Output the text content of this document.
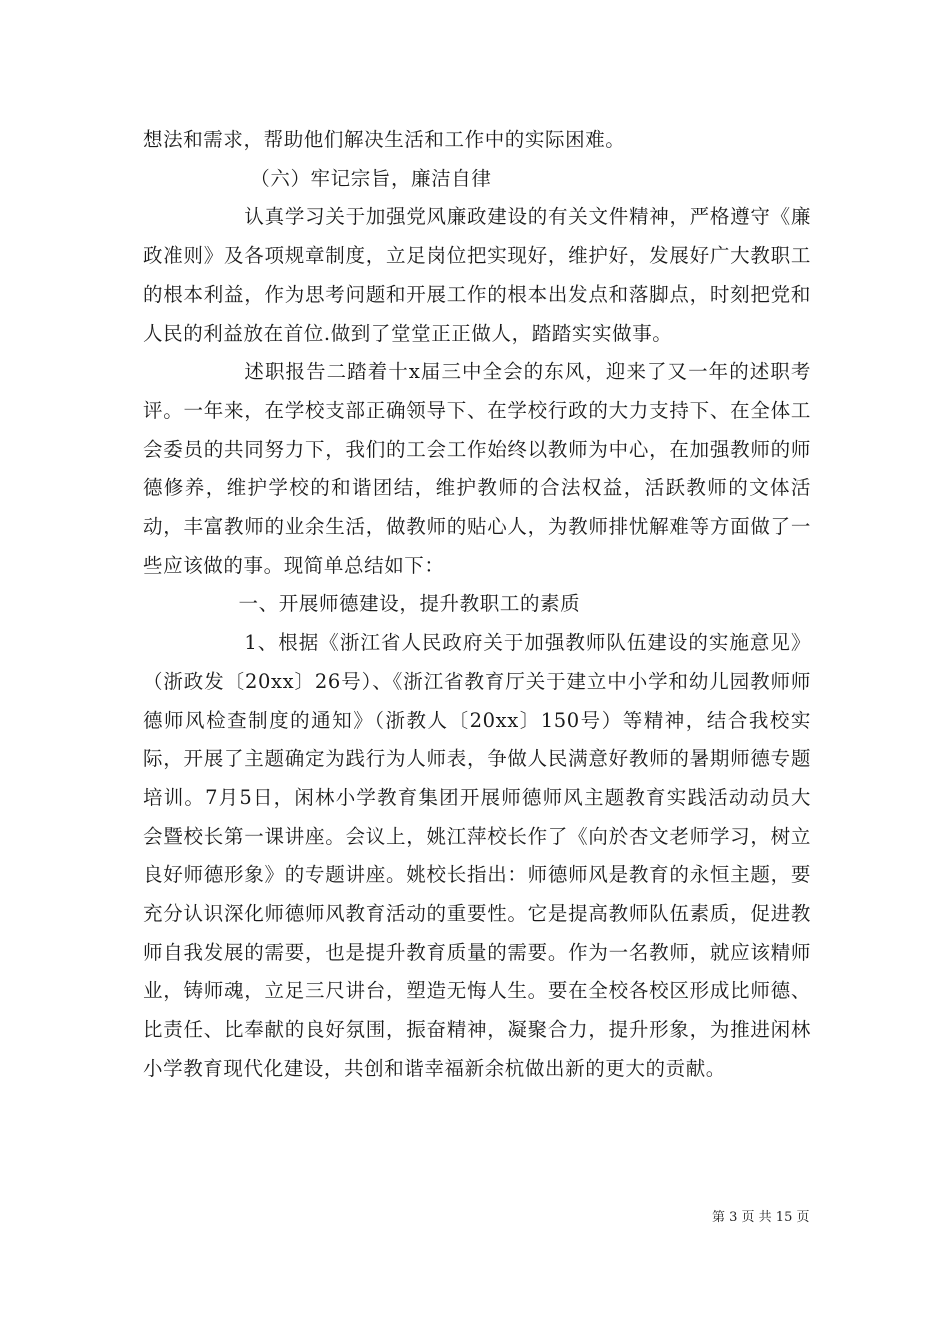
想法和需求，帮助他们解决生活和工作中的实际困难。

（六）牢记宗旨，廉洁自律

认真学习关于加强党风廉政建设的有关文件精神，严格遵守《廉政准则》及各项规章制度，立足岗位把实现好，维护好，发展好广大教职工的根本利益，作为思考问题和开展工作的根本出发点和落脚点，时刻把党和人民的利益放在首位.做到了堂堂正正做人，踏踏实实做事。

述职报告二踏着十x届三中全会的东风，迎来了又一年的述职考评。一年来，在学校支部正确领导下、在学校行政的大力支持下、在全体工会委员的共同努力下，我们的工会工作始终以教师为中心，在加强教师的师德修养，维护学校的和谐团结，维护教师的合法权益，活跃教师的文体活动，丰富教师的业余生活，做教师的贴心人，为教师排忧解难等方面做了一些应该做的事。现简单总结如下：

一、开展师德建设，提升教职工的素质

1、根据《浙江省人民政府关于加强教师队伍建设的实施意见》（浙政发〔20xx〕26号）、《浙江省教育厅关于建立中小学和幼儿园教师师德师风检查制度的通知》（浙教人〔20xx〕150号）等精神，结合我校实际，开展了主题确定为践行为人师表，争做人民满意好教师的暑期师德专题培训。7月5日，闲林小学教育集团开展师德师风主题教育实践活动动员大会暨校长第一课讲座。会议上，姚江萍校长作了《向於杏文老师学习，树立良好师德形象》的专题讲座。姚校长指出：师德师风是教育的永恒主题，要充分认识深化师德师风教育活动的重要性。它是提高教师队伍素质，促进教师自我发展的需要，也是提升教育质量的需要。作为一名教师，就应该精师业，铸师魂，立足三尺讲台，塑造无悔人生。要在全校各校区形成比师德、比责任、比奉献的良好氛围，振奋精神，凝聚合力，提升形象，为推进闲林小学教育现代化建设，共创和谐幸福新余杭做出新的更大的贡献。

第 3 页 共 15 页
